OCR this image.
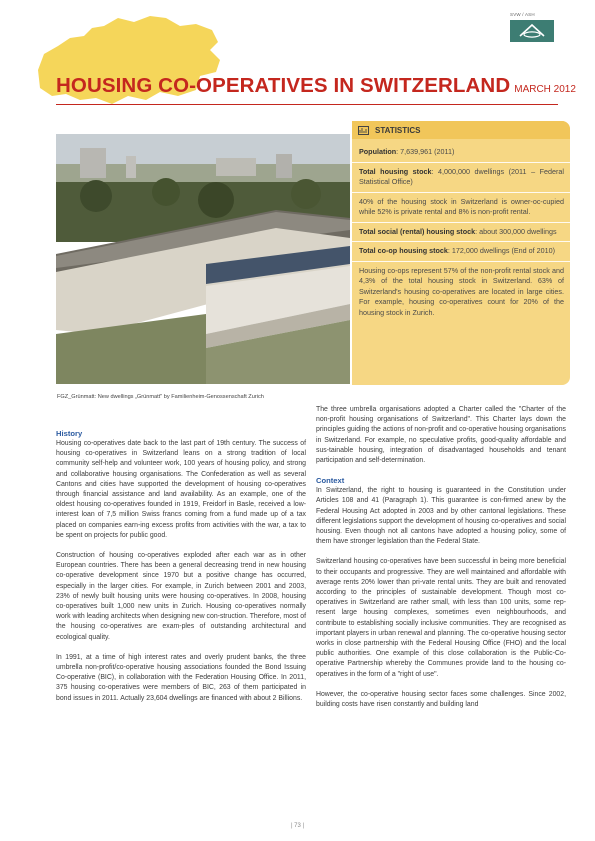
SVW / ASH
HOUSING CO-OPERATIVES IN SWITZERLAND MARCH 2012
FGZ_Grünmatt: New dwellings „Grünmatt" by Familienheim-Genossenschaft Zurich
STATISTICS
Population: 7,639,961 (2011)
Total housing stock: 4,000,000 dwellings (2011 – Federal Statistical Office)
40% of the housing stock in Switzerland is owner-oc-cupied while 52% is private rental and 8% is non-profit rental.
Total social (rental) housing stock: about 300,000 dwellings
Total co-op housing stock: 172,000 dwellings (End of 2010)
Housing co-ops represent 57% of the non-profit rental stock and 4,3% of the total housing stock in Switzerland. 63% of Switzerland's housing co-operatives are located in large cities. For example, housing co-operatives count for 20% of the housing stock in Zurich.
History

Housing co-operatives date back to the last part of 19th century. The success of housing co-operatives in Switzerland leans on a strong tradition of local community self-help and volunteer work, 100 years of housing policy, and strong and collaborative housing organisations. The Confederation as well as several Cantons and cities have supported the development of housing co-operatives through financial assistance and land availability. As an example, one of the oldest housing co-operatives founded in 1919, Freidorf in Basle, received a low-interest loan of 7,5 million Swiss francs coming from a fund made up of a tax placed on companies earn-ing excess profits from activities with the war, a tax to be spent on projects for public good.

Construction of housing co-operatives exploded after each war as in other European countries. There has been a general decreasing trend in new housing co-operative development since 1970 but a positive change has occurred, especially in the larger cities. For example, in Zurich between 2001 and 2003, 23% of newly built housing units were housing co-operatives. In 2008, housing co-operatives built 1,000 new units in Zurich. Housing co-operatives normally work with leading architects when designing new con-struction. Therefore, most of the housing co-operatives are exam-ples of outstanding architectural and ecological quality.

In 1991, at a time of high interest rates and overly prudent banks, the three umbrella non-profit/co-operative housing associations founded the Bond Issuing Co-operative (BIC), in collaboration with the Federation Housing Office. In 2011, 375 housing co-operatives were members of BIC, 263 of them participated in bond issues in 2011. Actually 23,604 dwellings are financed with about 2 Billions.

The three umbrella organisations adopted a Charter called the "Charter of the non-profit housing organisations of Switzerland". This Charter lays down the principles guiding the actions of non-profit and co-operative housing organisations in Switzerland. For example, no speculative profits, good-quality affordable and sus-tainable housing, integration of disadvantaged households and tenant participation and self-determination.

Context

In Switzerland, the right to housing is guaranteed in the Constitution under Articles 108 and 41 (Paragraph 1). This guarantee is con-firmed anew by the Federal Housing Act adopted in 2003 and by other cantonal legislations. These different legislations support the development of housing co-operatives and social housing. Even though not all cantons have adopted a housing policy, some of them have stronger legislation than the Federal State.

Switzerland housing co-operatives have been successful in being more beneficial to their occupants and progressive. They are well maintained and affordable with average rents 20% lower than pri-vate rental units. They are built and renovated according to the principles of sustainable development. Though most co-operatives in Switzerland are rather small, with less than 100 units, some rep-resent large housing complexes, sometimes even neighbourhoods, and contribute to establishing socially inclusive communities. They are recognised as important players in urban renewal and planning. The co-operative housing sector works in close partnership with the Federal Housing Office (FHO) and the local public authorities. One example of this close collaboration is the Public-Co-operative Partnership whereby the Communes provide land to the housing co-operatives in the form of a "right of use".

However, the co-operative housing sector faces some challenges. Since 2002, building costs have risen constantly and building land

| 73 |
